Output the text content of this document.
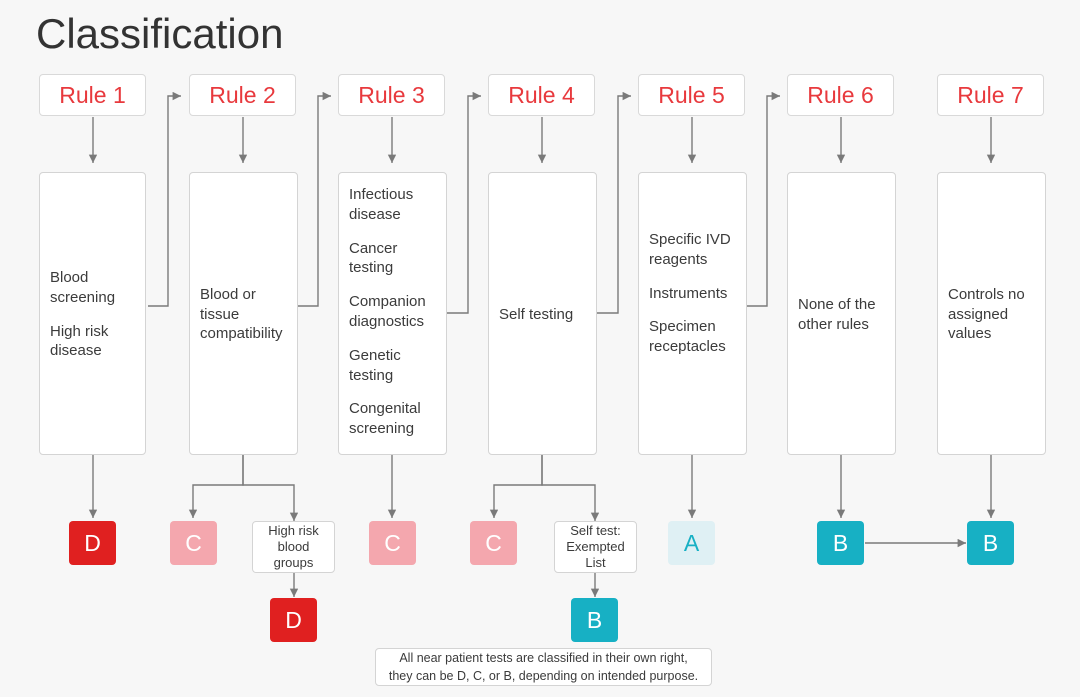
Classification
Rule 1	Rule 2	Rule 3	Rule 4	Rule 5	Rule 6	Rule 7

Blood screening

High risk disease

Blood or tissue compatibility

Infectious disease

Cancer testing

Companion diagnostics

Genetic testing

Congenital screening

Self testing

Specific IVD reagents

Instruments

Specimen receptacles

None of the other rules

Controls no assigned values

D	C	High risk blood groups
D
C	C	Self test: Exempted List
B
A	B	B
All near patient tests are classified in their own right, they can be D, C, or B, depending on intended purpose.
